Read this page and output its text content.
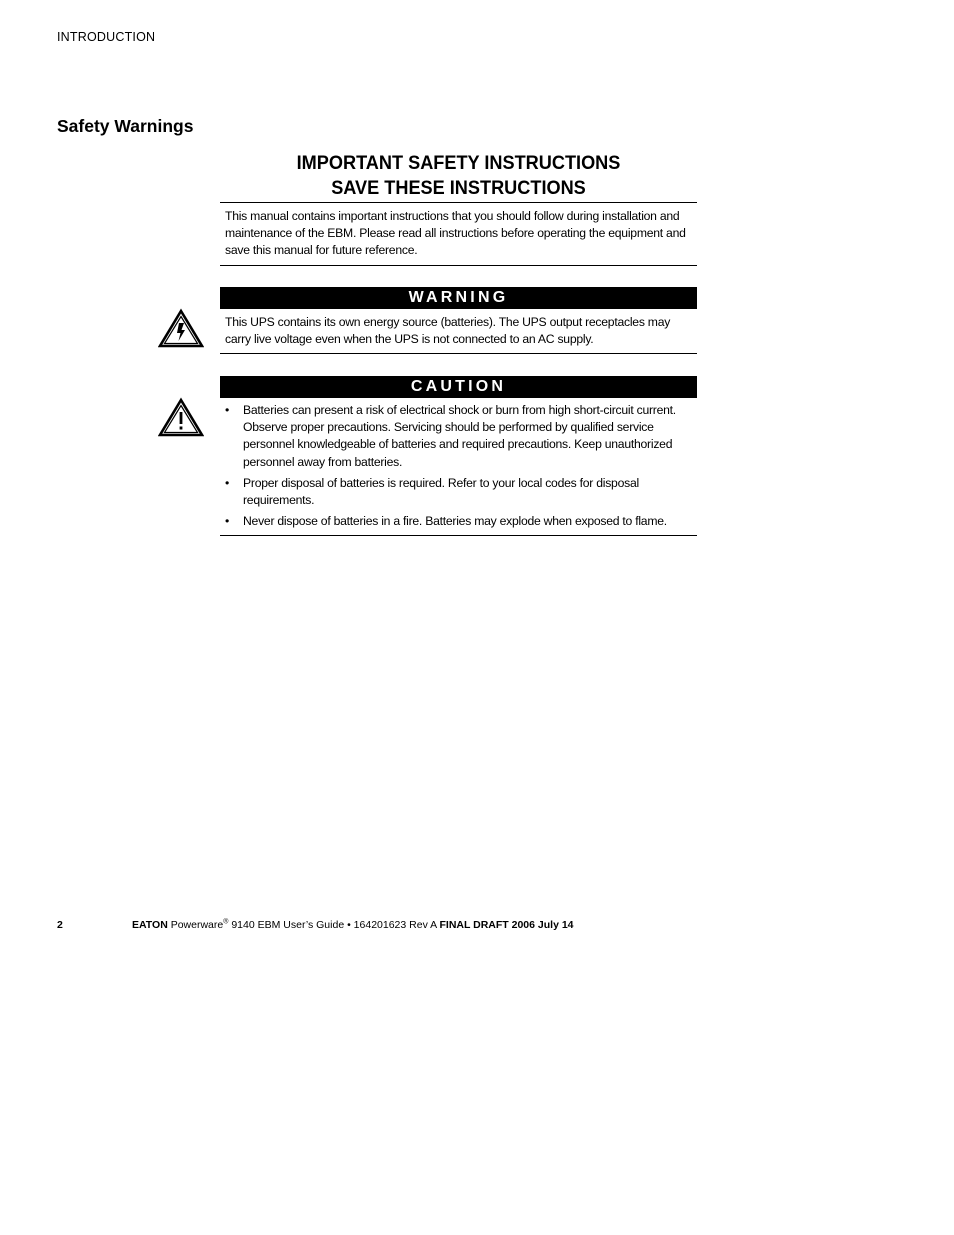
INTRODUCTION
Safety Warnings
IMPORTANT SAFETY INSTRUCTIONS
SAVE THESE INSTRUCTIONS

This manual contains important instructions that you should follow during installation and maintenance of the EBM. Please read all instructions before operating the equipment and save this manual for future reference.

WARNING

This UPS contains its own energy source (batteries). The UPS output receptacles may carry live voltage even when the UPS is not connected to an AC supply.

CAUTION
• Batteries can present a risk of electrical shock or burn from high short-circuit current. Observe proper precautions. Servicing should be performed by qualified service personnel knowledgeable of batteries and required precautions. Keep unauthorized personnel away from batteries.

• Proper disposal of batteries is required. Refer to your local codes for disposal requirements.

• Never dispose of batteries in a fire. Batteries may explode when exposed to flame.

2	EATON Powerware® 9140 EBM User’s Guide • 164201623 Rev A FINAL DRAFT 2006 July 14
